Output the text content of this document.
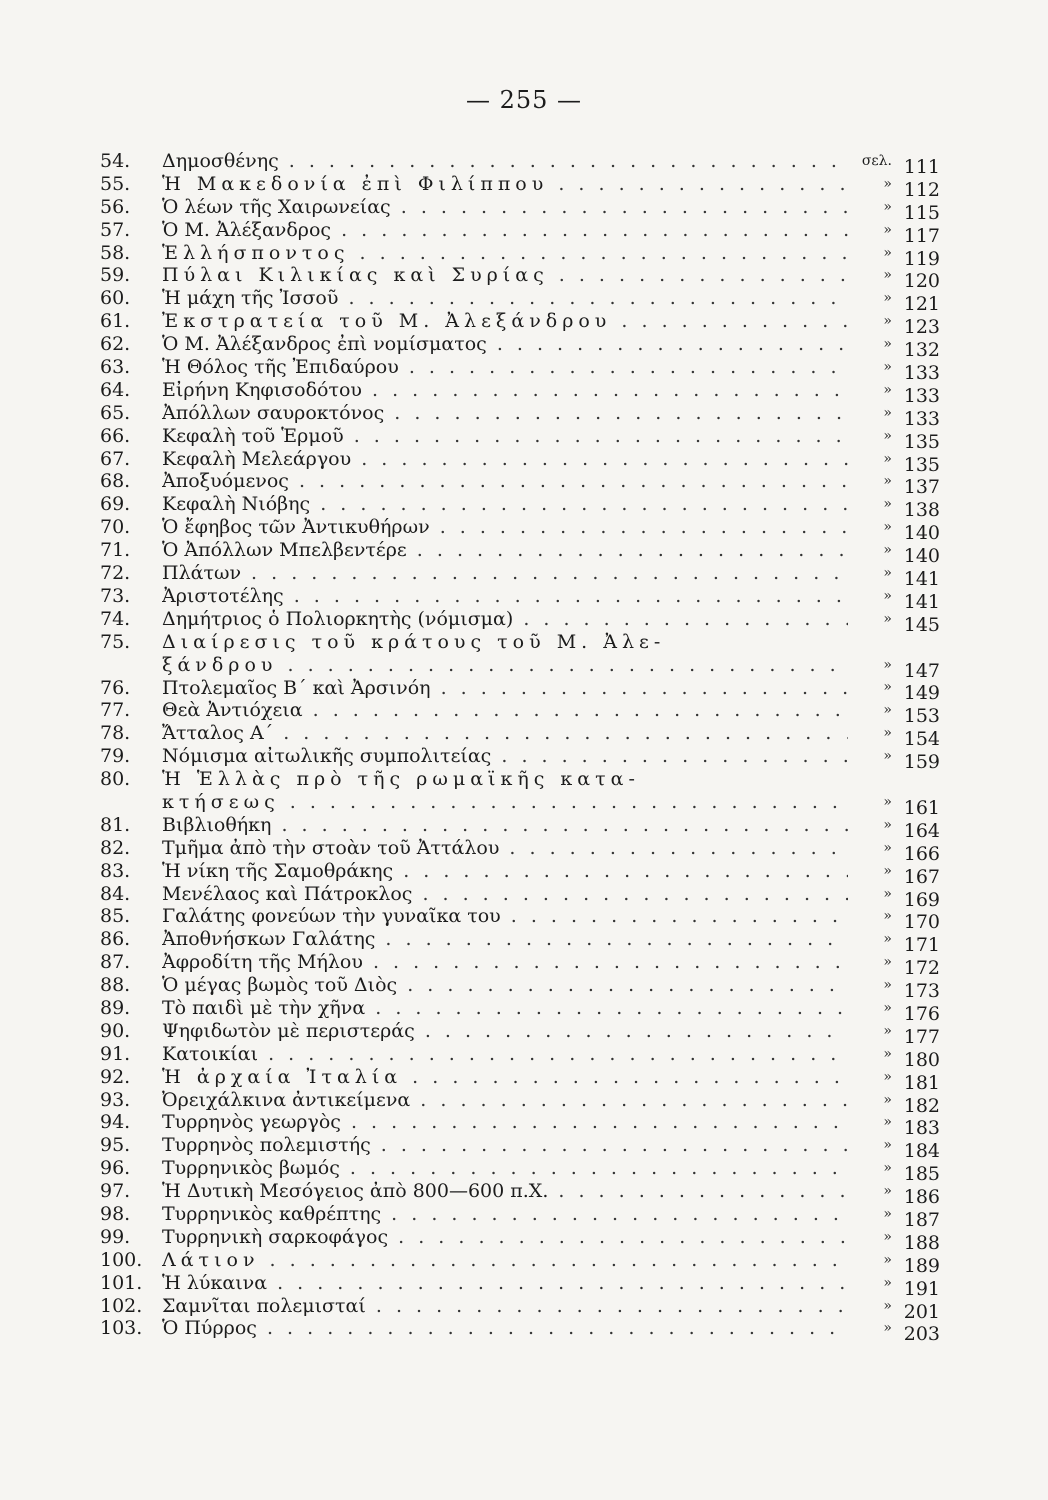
— 255 —
54.	Δημοσθένης . . .	σελ. 111
55.	Ἡ Μακεδονία ἐπὶ Φιλίππου . . .	» 112
56.	Ὁ λέων τῆς Χαιρωνείας . . .	» 115
57.	Ὁ Μ. Ἀλέξανδρος . . .	» 117
58.	Ἑλλήσποντος . . .	» 119
59.	Πύλαι Κιλικίας καὶ Συρίας . . .	» 120
60.	Ἡ μάχη τῆς Ἰσσοῦ . . .	» 121
61.	Ἐκστρατεία τοῦ Μ. Ἀλεξάνδρου . . .	» 123
62.	Ὁ Μ. Ἀλέξανδρος ἐπὶ νομίσματος . . .	» 132
63.	Ἡ Θόλος τῆς Ἐπιδαύρου . . .	» 133
64.	Εἰρήνη Κηφισοδότου . . .	» 133
65.	Ἀπόλλων σαυροκτόνος . . .	» 133
66.	Κεφαλὴ τοῦ Ἑρμοῦ . . .	» 135
67.	Κεφαλὴ Μελεάργου . . .	» 135
68.	Ἀποξυόμενος . . .	» 137
69.	Κεφαλὴ Νιόβης . . .	» 138
70.	Ὁ ἔφηβος τῶν Ἀντικυθήρων . . .	» 140
71.	Ὁ Ἀπόλλων Μπελβεντέρε . . .	» 140
72.	Πλάτων . . .	» 141
73.	Ἀριστοτέλης . . .	» 141
74.	Δημήτριος ὁ Πολιορκητὴς (νόμισμα) . . .	» 145
75.	Διαίρεσις τοῦ κράτους τοῦ Μ. Ἀλε-
ξάνδρου . . .	» 147
76.	Πτολεμαῖος Β΄ καὶ Ἀρσινόη . . .	» 149
77.	Θεὰ Ἀντιόχεια . . .	» 153
78.	Ἄτταλος Α΄ . . .	» 154
79.	Νόμισμα αἰτωλικῆς συμπολιτείας . . .	» 159
80.	Ἡ Ἑλλὰς πρὸ τῆς ρωμαϊκῆς κατα-
κτήσεως . . .	» 161
81.	Βιβλιοθήκη . . .	» 164
82.	Τμῆμα ἀπὸ τὴν στοὰν τοῦ Ἀττάλου . . .	» 166
83.	Ἡ νίκη τῆς Σαμοθράκης . . .	» 167
84.	Μενέλαος καὶ Πάτροκλος . . .	» 169
85.	Γαλάτης φονεύων τὴν γυναῖκα του . . .	» 170
86.	Ἀποθνήσκων Γαλάτης . . .	» 171
87.	Ἀφροδίτη τῆς Μήλου . . .	» 172
88.	Ὁ μέγας βωμὸς τοῦ Διὸς . . .	» 173
89.	Τὸ παιδὶ μὲ τὴν χῆνα . . .	» 176
90.	Ψηφιδωτὸν μὲ περιστεράς . . .	» 177
91.	Κατοικίαι . . .	» 180
92.	Ἡ ἀρχαία Ἰταλία . . .	» 181
93.	Ὀρειχάλκινα ἀντικείμενα . . .	» 182
94.	Τυρρηνὸς γεωργὸς . . .	» 183
95.	Τυρρηνὸς πολεμιστής . . .	» 184
96.	Τυρρηνικὸς βωμός . . .	» 185
97.	Ἡ Δυτικὴ Μεσόγειος ἀπὸ 800—600 π.Χ. . . .	» 186
98.	Τυρρηνικὸς καθρέπτης . . .	» 187
99.	Τυρρηνικὴ σαρκοφάγος . . .	» 188
100.	Λάτιον . . .	» 189
101.	Ἡ λύκαινα . . .	» 191
102.	Σαμνῖται πολεμισταί . . .	» 201
103.	Ὁ Πύρρος . . .	» 203
